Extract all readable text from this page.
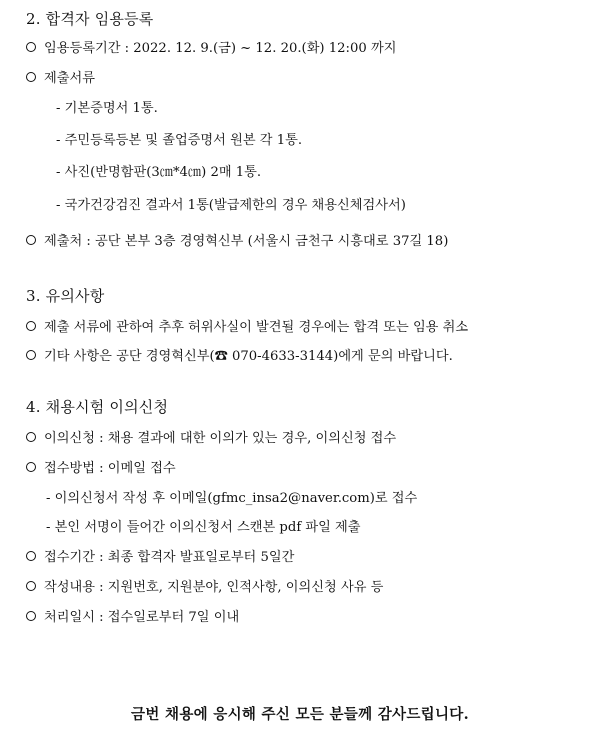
2. 합격자 임용등록
임용등록기간 : 2022. 12. 9.(금) ~ 12. 20.(화) 12:00 까지
제출서류
- 기본증명서 1통.
- 주민등록등본 및 졸업증명서 원본 각 1통.
- 사진(반명함판(3㎝*4㎝) 2매 1통.
- 국가건강검진 결과서 1통(발급제한의 경우 채용신체검사서)
제출처 : 공단 본부 3층 경영혁신부 (서울시 금천구 시흥대로 37길 18)
3. 유의사항
제출 서류에 관하여 추후 허위사실이 발견될 경우에는 합격 또는 임용 취소
기타 사항은 공단 경영혁신부(☎ 070-4633-3144)에게 문의 바랍니다.
4. 채용시험 이의신청
이의신청 : 채용 결과에 대한 이의가 있는 경우, 이의신청 접수
접수방법 : 이메일 접수
- 이의신청서 작성 후 이메일(gfmc_insa2@naver.com)로 접수
- 본인 서명이 들어간 이의신청서 스캔본 pdf 파일 제출
접수기간 : 최종 합격자 발표일로부터 5일간
작성내용 : 지원번호, 지원분야, 인적사항, 이의신청 사유 등
처리일시 : 접수일로부터 7일 이내
금번 채용에 응시해 주신 모든 분들께 감사드립니다.
